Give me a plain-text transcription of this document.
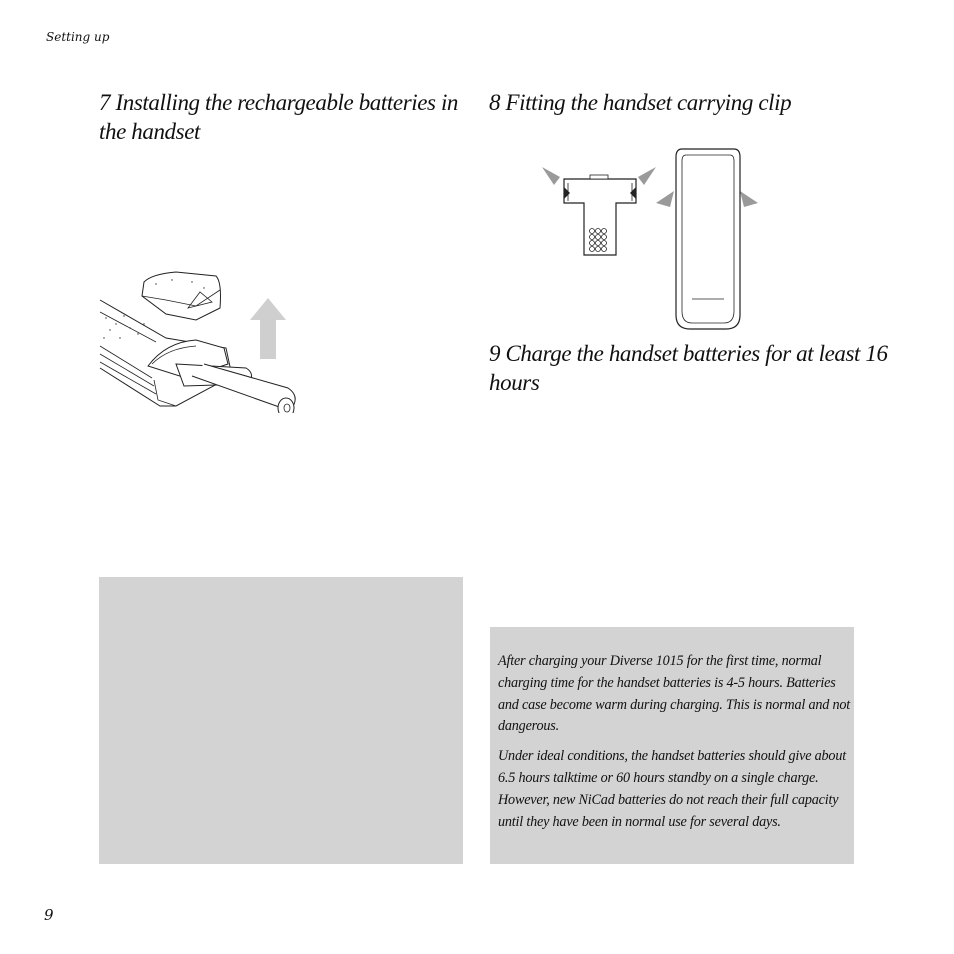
Setting up
7 Installing the rechargeable batteries in the handset
8 Fitting the handset carrying clip
9 Charge the handset batteries for at least 16 hours

After charging your Diverse 1015 for the first time, normal charging time for the handset batteries is 4-5 hours. Batteries and case become warm during charging. This is normal and not dangerous.

Under ideal conditions, the handset batteries should give about 6.5 hours talktime or 60 hours standby on a single charge. However, new NiCad batteries do not reach their full capacity until they have been in normal use for several days.

9
